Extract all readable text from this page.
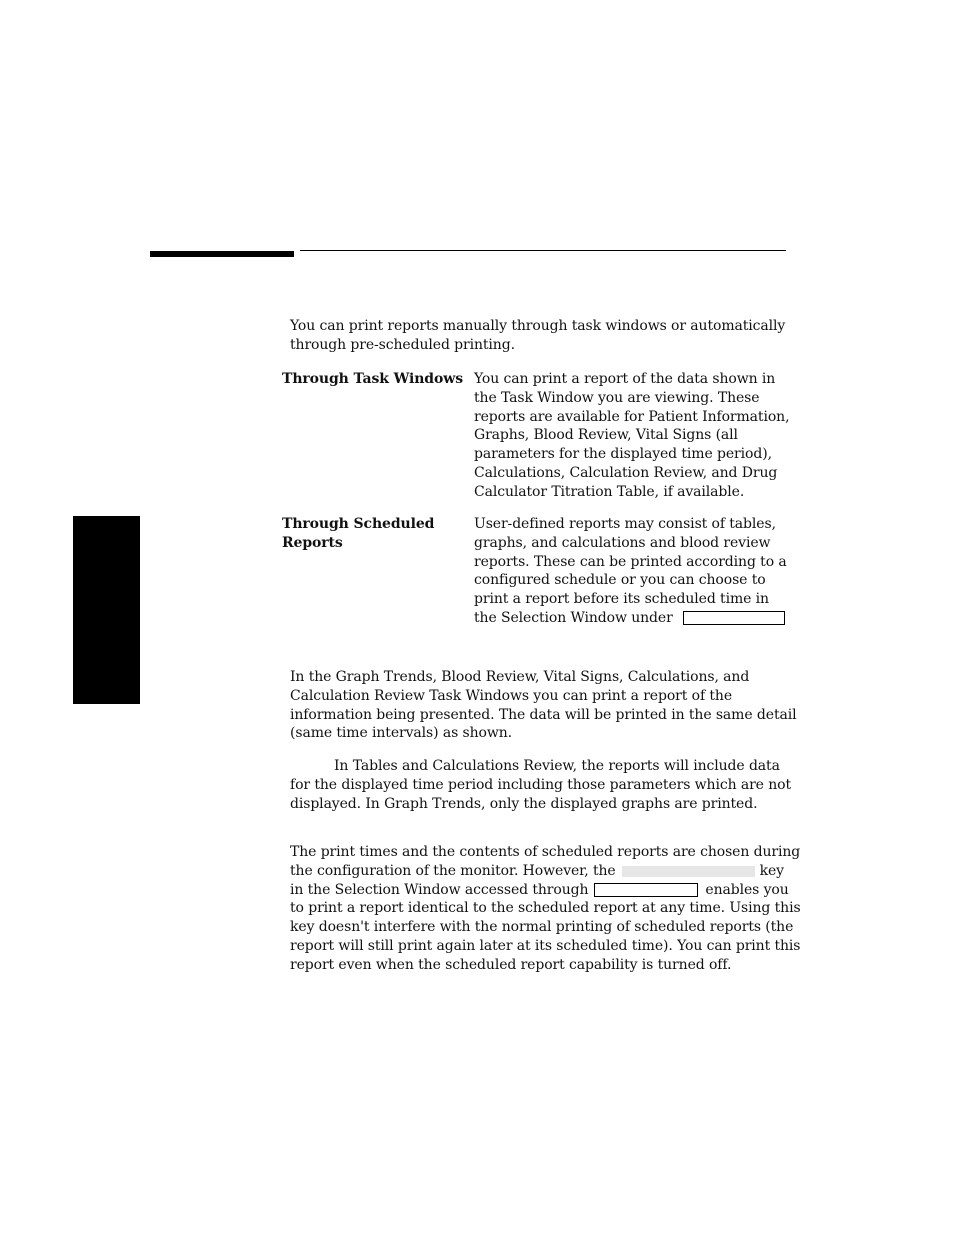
You can print reports manually through task windows or automatically
through pre-scheduled printing.

Through Task Windows You can print a report of the data shown in
the Task Window you are viewing. These
reports are available for Patient Information,
Graphs, Blood Review, Vital Signs (all
parameters for the displayed time period),
Calculations, Calculation Review, and Drug
Calculator Titration Table, if available.

Through Scheduled
Reports

User-defined reports may consist of tables,
graphs, and calculations and blood review
reports. These can be printed according to a
configured schedule or you can choose to
print a report before its scheduled time in
the Selection Window under

In the Graph Trends, Blood Review, Vital Signs, Calculations, and
Calculation Review Task Windows you can print a report of the
information being presented. The data will be printed in the same detail
(same time intervals) as shown.

In Tables and Calculations Review, the reports will include data
for the displayed time period including those parameters which are not
displayed. In Graph Trends, only the displayed graphs are printed.

The print times and the contents of scheduled reports are chosen during
the configuration of the monitor. However, the	key
in the Selection Window accessed through	enables you
to print a report identical to the scheduled report at any time. Using this
key doesn't interfere with the normal printing of scheduled reports (the
report will still print again later at its scheduled time). You can print this
report even when the scheduled report capability is turned off.
